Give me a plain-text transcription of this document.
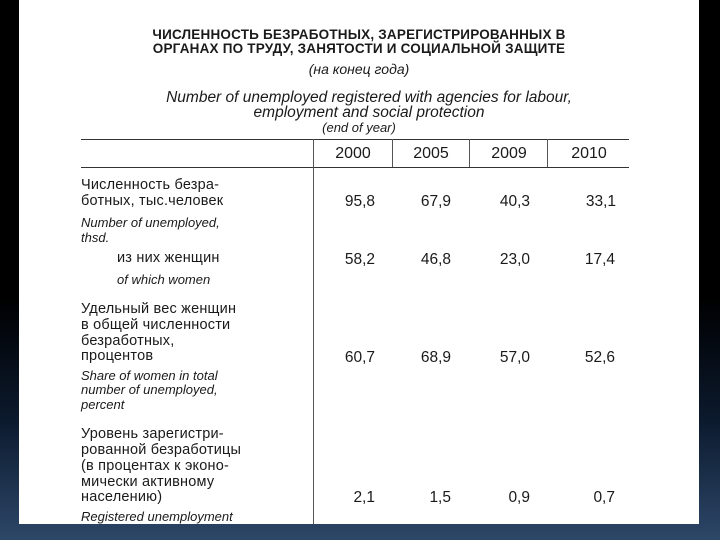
ЧИСЛЕННОСТЬ БЕЗРАБОТНЫХ, ЗАРЕГИСТРИРОВАННЫХ В
ОРГАНАХ ПО ТРУДУ, ЗАНЯТОСТИ И СОЦИАЛЬНОЙ ЗАЩИТЕ
(на конец года)
Number of unemployed registered with agencies for labour,
employment and social protection
(end of year)
2000	2005	2009	2010
Численность безра-
ботных, тыс.человек
Number of unemployed,
thsd.
95,8	67,9	40,3	33,1
из них женщин
of which women
58,2	46,8	23,0	17,4
Удельный вес женщин
в общей численности
безработных,
процентов
Share of women in total
number of unemployed,
percent
60,7	68,9	57,0	52,6
Уровень зарегистри-
рованной безработицы
(в процентах к эконо-
мически активному
населению)
Registered unemployment
2,1	1,5	0,9	0,7
